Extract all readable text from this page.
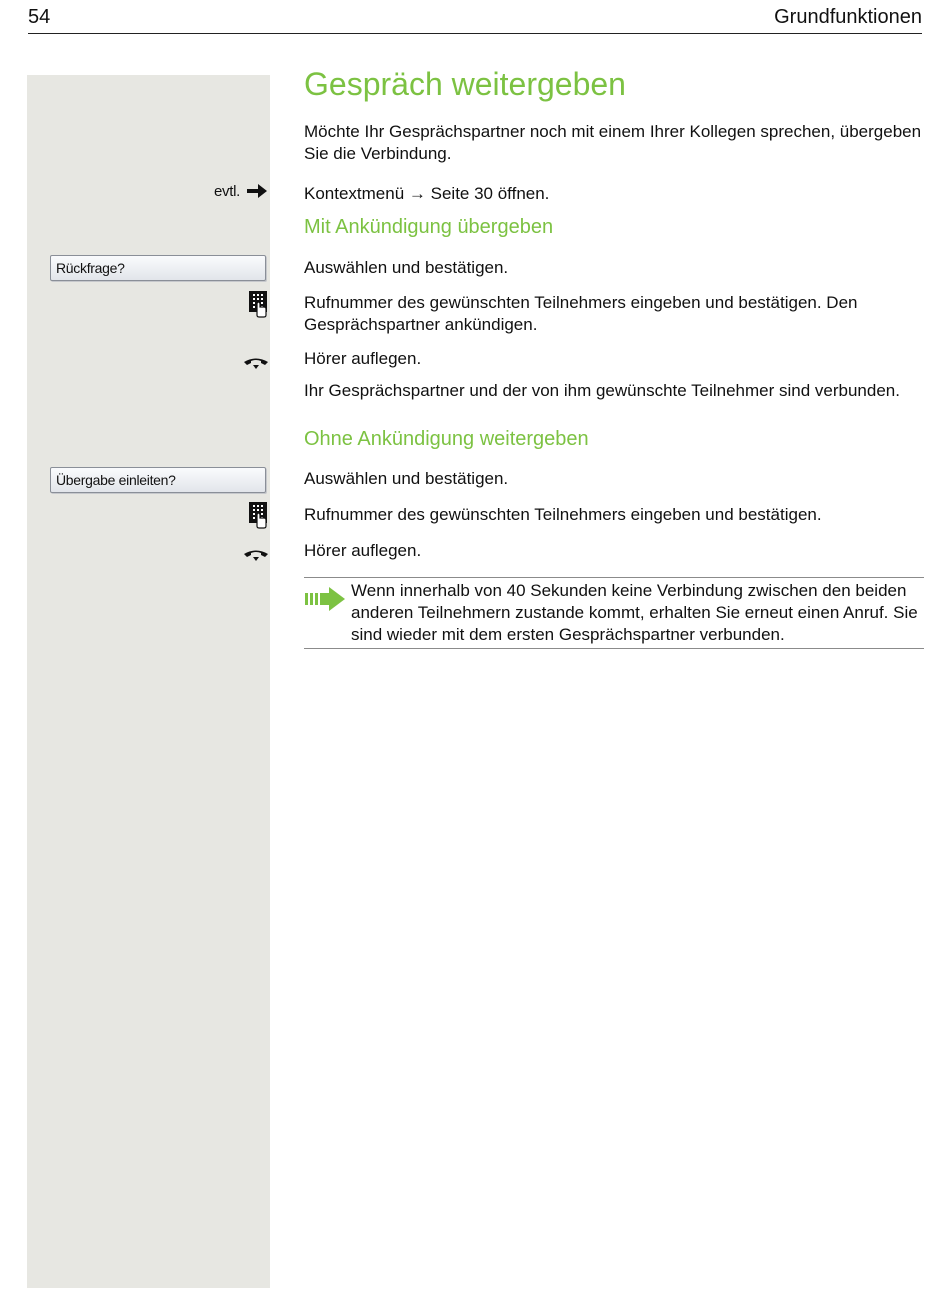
54	Grundfunktionen
Gespräch weitergeben
Möchte Ihr Gesprächspartner noch mit einem Ihrer Kollegen sprechen, übergeben Sie die Verbindung.
evtl.	Kontextmenü → Seite 30 öffnen.
Mit Ankündigung übergeben
Rückfrage?	Auswählen und bestätigen.
Rufnummer des gewünschten Teilnehmers eingeben und bestätigen. Den Gesprächspartner ankündigen.
Hörer auflegen.
Ihr Gesprächspartner und der von ihm gewünschte Teilnehmer sind verbunden.
Ohne Ankündigung weitergeben
Übergabe einleiten?	Auswählen und bestätigen.
Rufnummer des gewünschten Teilnehmers eingeben und bestätigen.
Hörer auflegen.
Wenn innerhalb von 40 Sekunden keine Verbindung zwischen den beiden anderen Teilnehmern zustande kommt, erhalten Sie erneut einen Anruf. Sie sind wieder mit dem ersten Gesprächspartner verbunden.
